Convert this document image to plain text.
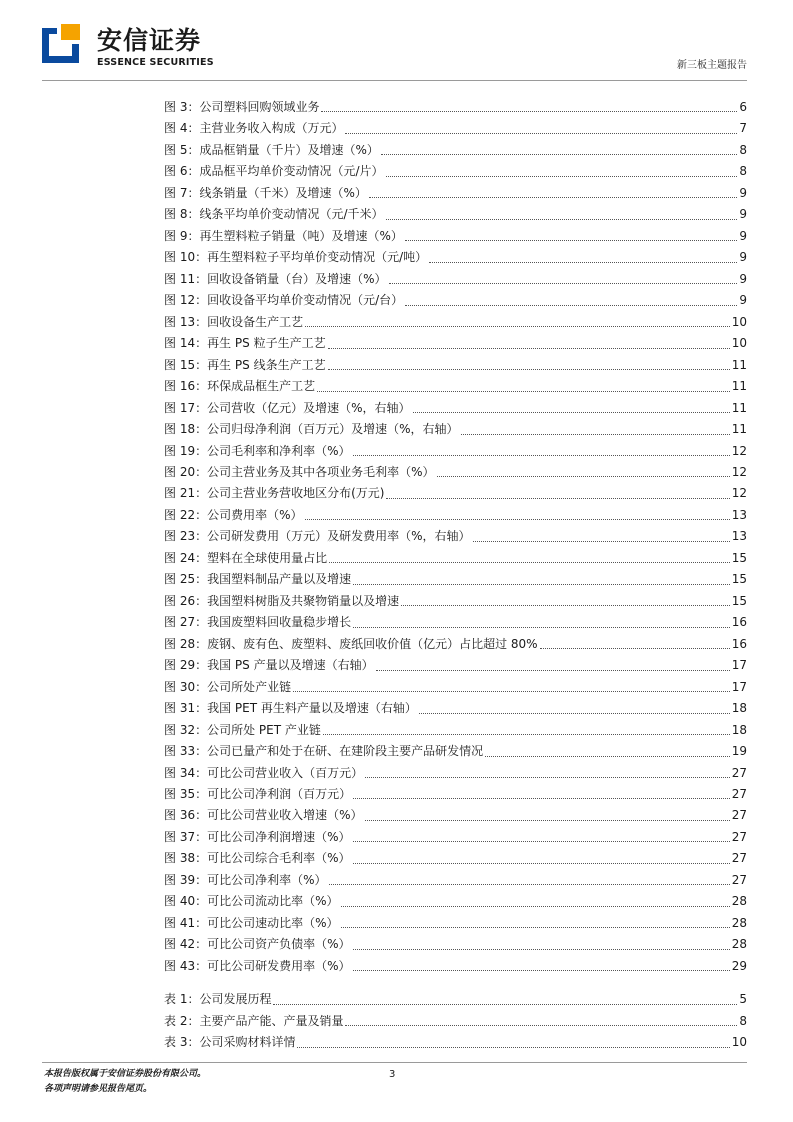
安信证券
ESSENCE SECURITIES	新三板主题报告
图 3：公司塑料回购领域业务	6
图 4：主营业务收入构成（万元）	7
图 5：成品框销量（千片）及增速（%）	8
图 6：成品框平均单价变动情况（元/片）	8
图 7：线条销量（千米）及增速（%）	9
图 8：线条平均单价变动情况（元/千米）	9
图 9：再生塑料粒子销量（吨）及增速（%）	9
图 10：再生塑料粒子平均单价变动情况（元/吨）	9
图 11：回收设备销量（台）及增速（%）	9
图 12：回收设备平均单价变动情况（元/台）	9
图 13：回收设备生产工艺	10
图 14：再生 PS 粒子生产工艺	10
图 15：再生 PS 线条生产工艺	11
图 16：环保成品框生产工艺	11
图 17：公司营收（亿元）及增速（%，右轴）	11
图 18：公司归母净利润（百万元）及增速（%，右轴）	11
图 19：公司毛利率和净利率（%）	12
图 20：公司主营业务及其中各项业务毛利率（%）	12
图 21：公司主营业务营收地区分布(万元)	12
图 22：公司费用率（%）	13
图 23：公司研发费用（万元）及研发费用率（%，右轴）	13
图 24：塑料在全球使用量占比	15
图 25：我国塑料制品产量以及增速	15
图 26：我国塑料树脂及共聚物销量以及增速	15
图 27：我国废塑料回收量稳步增长	16
图 28：废钢、废有色、废塑料、废纸回收价值（亿元）占比超过 80%	16
图 29：我国 PS 产量以及增速（右轴）	17
图 30：公司所处产业链	17
图 31：我国 PET 再生料产量以及增速（右轴）	18
图 32：公司所处 PET 产业链	18
图 33：公司已量产和处于在研、在建阶段主要产品研发情况	19
图 34：可比公司营业收入（百万元）	27
图 35：可比公司净利润（百万元）	27
图 36：可比公司营业收入增速（%）	27
图 37：可比公司净利润增速（%）	27
图 38：可比公司综合毛利率（%）	27
图 39：可比公司净利率（%）	27
图 40：可比公司流动比率（%）	28
图 41：可比公司速动比率（%）	28
图 42：可比公司资产负债率（%）	28
图 43：可比公司研发费用率（%）	29
表 1：公司发展历程	5
表 2：主要产品产能、产量及销量	8
表 3：公司采购材料详情	10
本报告版权属于安信证券股份有限公司。
各项声明请参见报告尾页。
3
